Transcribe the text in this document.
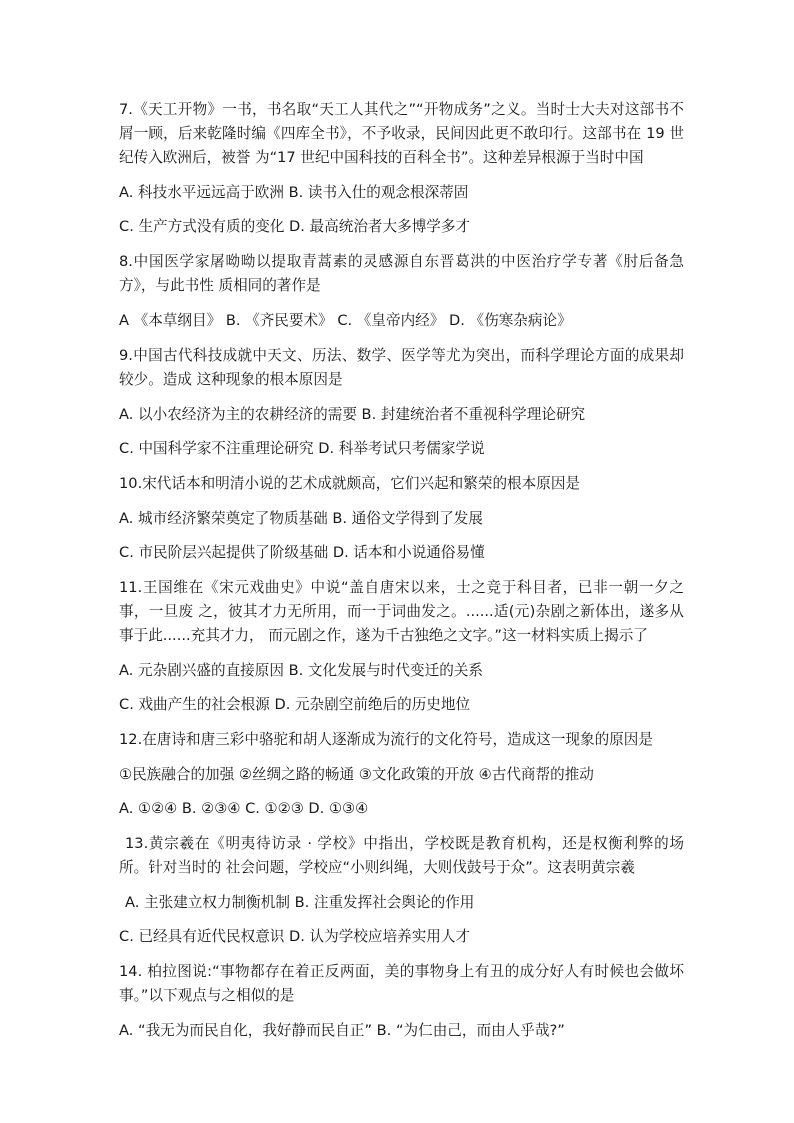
7.《天工开物》一书，书名取“天工人其代之”“开物成务”之义。当时士大夫对这部书不屑一顾，后来乾隆时编《四库全书》，不予收录，民间因此更不敢印行。这部书在 19 世纪传入欧洲后，被誉 为“17 世纪中国科技的百科全书”。这种差异根源于当时中国

A. 科技水平远远高于欧洲 B. 读书入仕的观念根深蒂固

C. 生产方式没有质的变化 D. 最高统治者大多博学多才

8.中国医学家屠呦呦以提取青蒿素的灵感源自东晋葛洪的中医治疗学专著《肘后备急方》，与此书性 质相同的著作是

A 《本草纲目》 B. 《齐民要术》 C. 《皇帝内经》 D. 《伤寒杂病论》

9.中国古代科技成就中天文、历法、数学、医学等尤为突出，而科学理论方面的成果却较少。造成 这种现象的根本原因是

A. 以小农经济为主的农耕经济的需要 B. 封建统治者不重视科学理论研究

C. 中国科学家不注重理论研究 D. 科举考试只考儒家学说

10.宋代话本和明清小说的艺术成就颇高，它们兴起和繁荣的根本原因是

A. 城市经济繁荣奠定了物质基础 B. 通俗文学得到了发展

C. 市民阶层兴起提供了阶级基础 D. 话本和小说通俗易懂

11.王国维在《宋元戏曲史》中说“盖自唐宋以来，士之竞于科目者，已非一朝一夕之事，一旦废 之，彼其才力无所用，而一于词曲发之。......适(元)杂剧之新体出，遂多从事于此......充其才力， 而元剧之作，遂为千古独绝之文字。”这一材料实质上揭示了

A. 元杂剧兴盛的直接原因 B. 文化发展与时代变迁的关系

C. 戏曲产生的社会根源 D. 元杂剧空前绝后的历史地位

12.在唐诗和唐三彩中骆驼和胡人逐渐成为流行的文化符号，造成这一现象的原因是

①民族融合的加强 ②丝绸之路的畅通 ③文化政策的开放 ④古代商帮的推动

A. ①②④ B. ②③④ C. ①②③ D. ①③④

13.黄宗羲在《明夷待访录 · 学校》中指出，学校既是教育机构，还是权衡利弊的场所。针对当时的 社会问题，学校应“小则纠绳，大则伐鼓号于众”。这表明黄宗羲

A. 主张建立权力制衡机制 B. 注重发挥社会舆论的作用

C. 已经具有近代民权意识 D. 认为学校应培养实用人才

14. 柏拉图说:“事物都存在着正反两面，美的事物身上有丑的成分好人有时候也会做坏事。”以下观点与之相似的是

A. “我无为而民自化，我好静而民自正” B. “为仁由己，而由人乎哉?”
